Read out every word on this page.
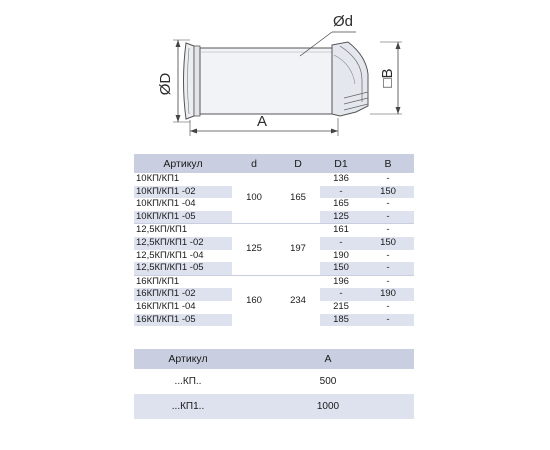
ØD
Ød
□B
A
Артикул	d	D	D1	B
10КП/КП1	100	165	136	-
10КП/КП1 -02			-	150
10КП/КП1 -04			165	-
10КП/КП1 -05			125	-
12,5КП/КП1	125	197	161	-
12,5КП/КП1 -02			-	150
12,5КП/КП1 -04			190	-
12,5КП/КП1 -05			150	-
16КП/КП1	160	234	196	-
16КП/КП1 -02			-	190
16КП/КП1 -04			215	-
16КП/КП1 -05			185	-
Артикул	A
...КП..	500
...КП1..	1000
